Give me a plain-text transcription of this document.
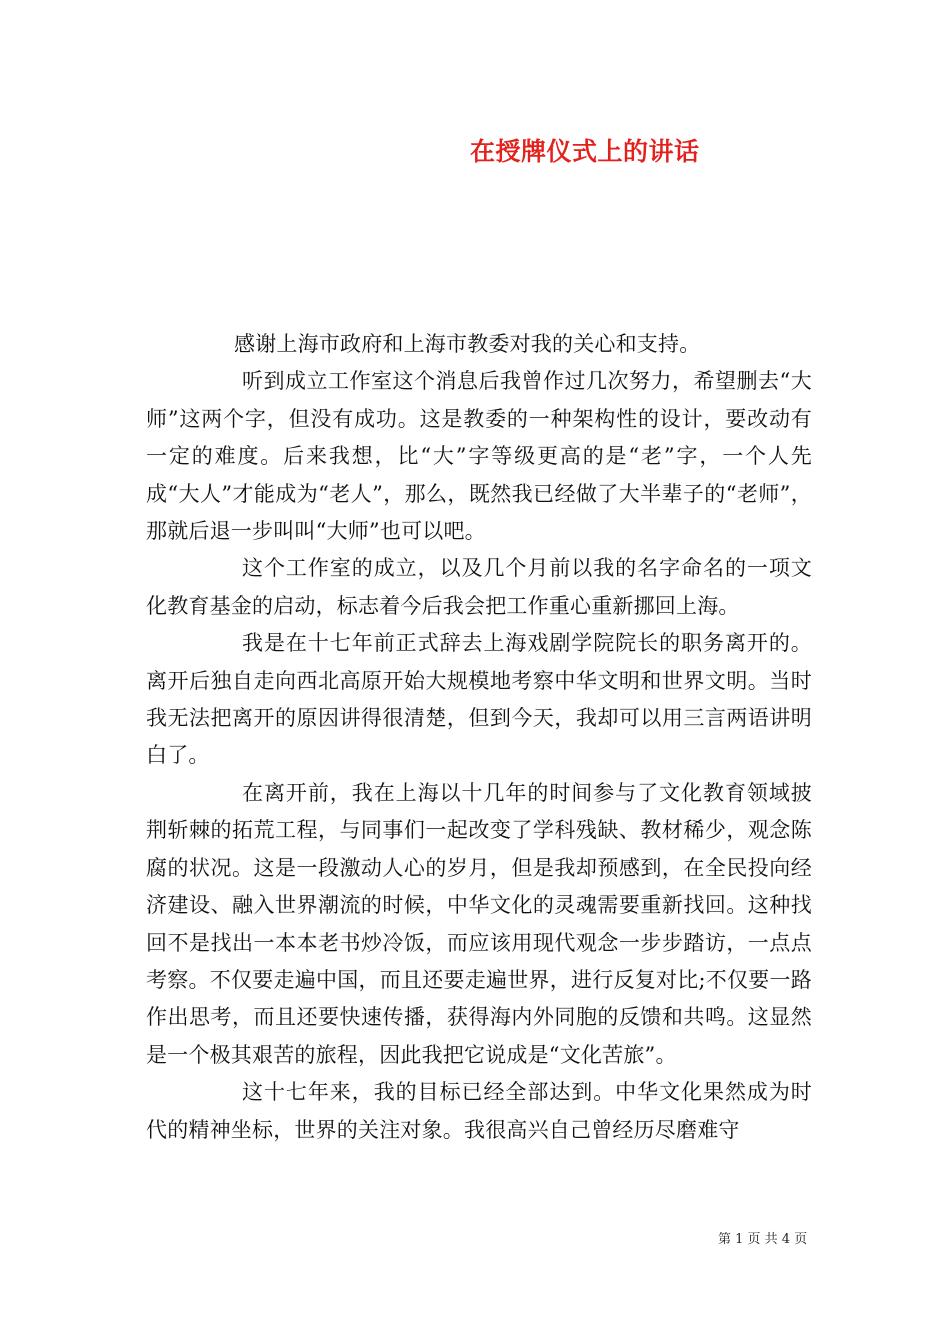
在授牌仪式上的讲话

感谢上海市政府和上海市教委对我的关心和支持。

听到成立工作室这个消息后我曾作过几次努力，希望删去“大师”这两个字，但没有成功。这是教委的一种架构性的设计，要改动有一定的难度。后来我想，比“大”字等级更高的是“老”字，一个人先成“大人”才能成为“老人”，那么，既然我已经做了大半辈子的“老师”，那就后退一步叫叫“大师”也可以吧。

这个工作室的成立，以及几个月前以我的名字命名的一项文化教育基金的启动，标志着今后我会把工作重心重新挪回上海。

我是在十七年前正式辞去上海戏剧学院院长的职务离开的。离开后独自走向西北高原开始大规模地考察中华文明和世界文明。当时我无法把离开的原因讲得很清楚，但到今天，我却可以用三言两语讲明白了。

在离开前，我在上海以十几年的时间参与了文化教育领域披荆斩棘的拓荒工程，与同事们一起改变了学科残缺、教材稀少，观念陈腐的状况。这是一段激动人心的岁月，但是我却预感到，在全民投向经济建设、融入世界潮流的时候，中华文化的灵魂需要重新找回。这种找回不是找出一本本老书炒冷饭，而应该用现代观念一步步踏访，一点点考察。不仅要走遍中国，而且还要走遍世界，进行反复对比;不仅要一路作出思考，而且还要快速传播，获得海内外同胞的反馈和共鸣。这显然是一个极其艰苦的旅程，因此我把它说成是“文化苦旅”。

这十七年来，我的目标已经全部达到。中华文化果然成为时代的精神坐标，世界的关注对象。我很高兴自己曾经历尽磨难守

第 1 页 共 4 页
